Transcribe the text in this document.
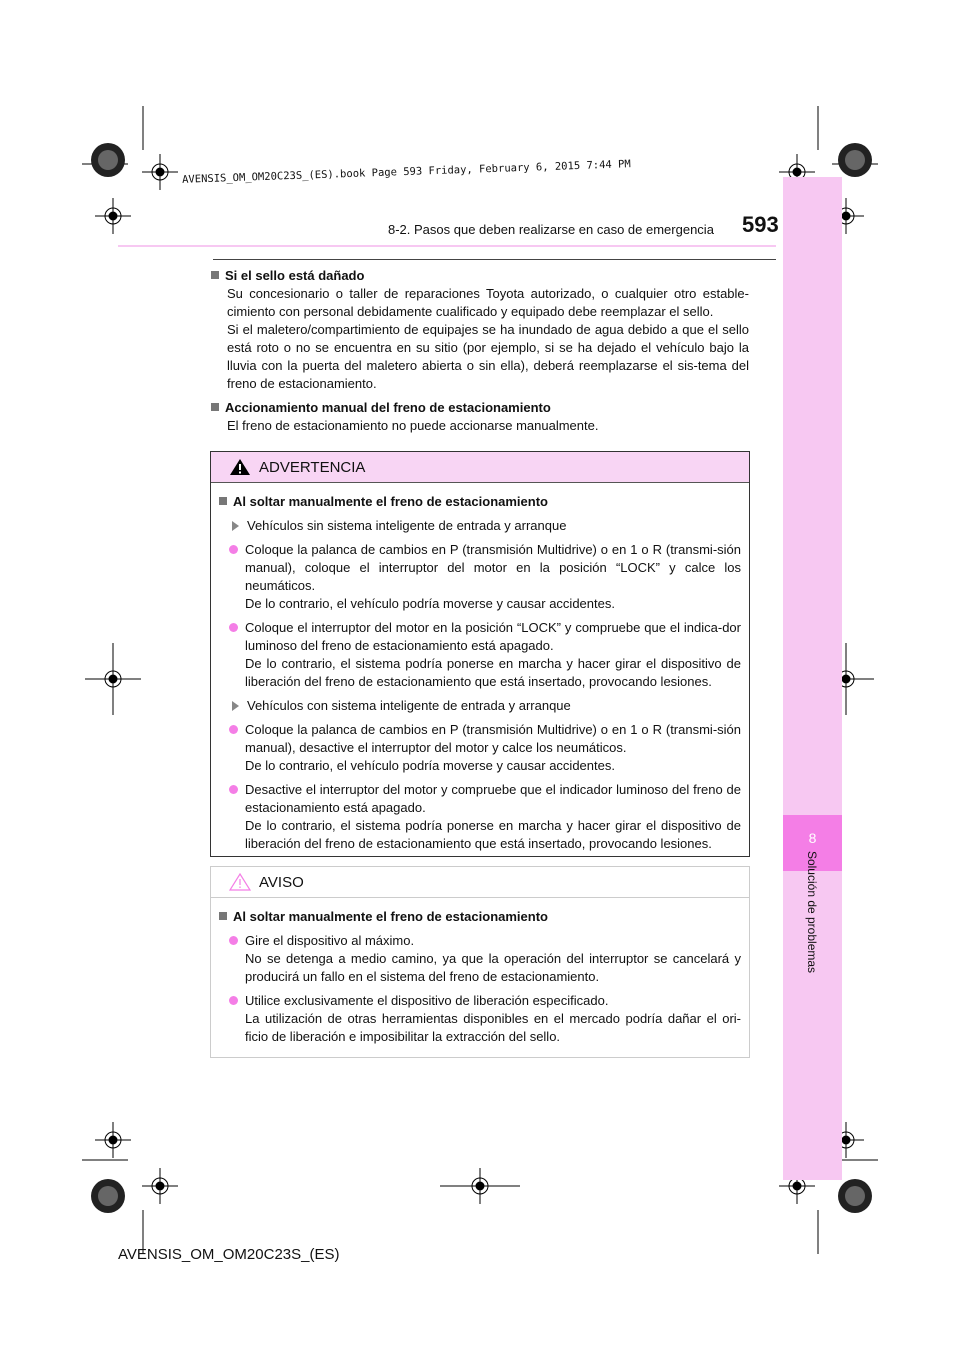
8
Solución de problemas
AVENSIS_OM_OM20C23S_(ES).book Page 593 Friday, February 6, 2015 7:44 PM
8-2. Pasos que deben realizarse en caso de emergencia 593
Si el sello está dañado
Su concesionario o taller de reparaciones Toyota autorizado, o cualquier otro estable-cimiento con personal debidamente cualificado y equipado debe reemplazar el sello.
Si el maletero/compartimiento de equipajes se ha inundado de agua debido a que el sello está roto o no se encuentra en su sitio (por ejemplo, si se ha dejado el vehículo bajo la lluvia con la puerta del maletero abierta o sin ella), deberá reemplazarse el sis-tema del freno de estacionamiento.
Accionamiento manual del freno de estacionamiento
El freno de estacionamiento no puede accionarse manualmente.
ADVERTENCIA
Al soltar manualmente el freno de estacionamiento
Vehículos sin sistema inteligente de entrada y arranque
Coloque la palanca de cambios en P (transmisión Multidrive) o en 1 o R (transmi-sión manual), coloque el interruptor del motor en la posición “LOCK” y calce los neumáticos.
De lo contrario, el vehículo podría moverse y causar accidentes.
Coloque el interruptor del motor en la posición “LOCK” y compruebe que el indica-dor luminoso del freno de estacionamiento está apagado.
De lo contrario, el sistema podría ponerse en marcha y hacer girar el dispositivo de liberación del freno de estacionamiento que está insertado, provocando lesiones.
Vehículos con sistema inteligente de entrada y arranque
Coloque la palanca de cambios en P (transmisión Multidrive) o en 1 o R (transmi-sión manual), desactive el interruptor del motor y calce los neumáticos.
De lo contrario, el vehículo podría moverse y causar accidentes.
Desactive el interruptor del motor y compruebe que el indicador luminoso del freno de estacionamiento está apagado.
De lo contrario, el sistema podría ponerse en marcha y hacer girar el dispositivo de liberación del freno de estacionamiento que está insertado, provocando lesiones.
AVISO
Al soltar manualmente el freno de estacionamiento
Gire el dispositivo al máximo.
No se detenga a medio camino, ya que la operación del interruptor se cancelará y producirá un fallo en el sistema del freno de estacionamiento.
Utilice exclusivamente el dispositivo de liberación especificado.
La utilización de otras herramientas disponibles en el mercado podría dañar el ori-ficio de liberación e imposibilitar la extracción del sello.
AVENSIS_OM_OM20C23S_(ES)
